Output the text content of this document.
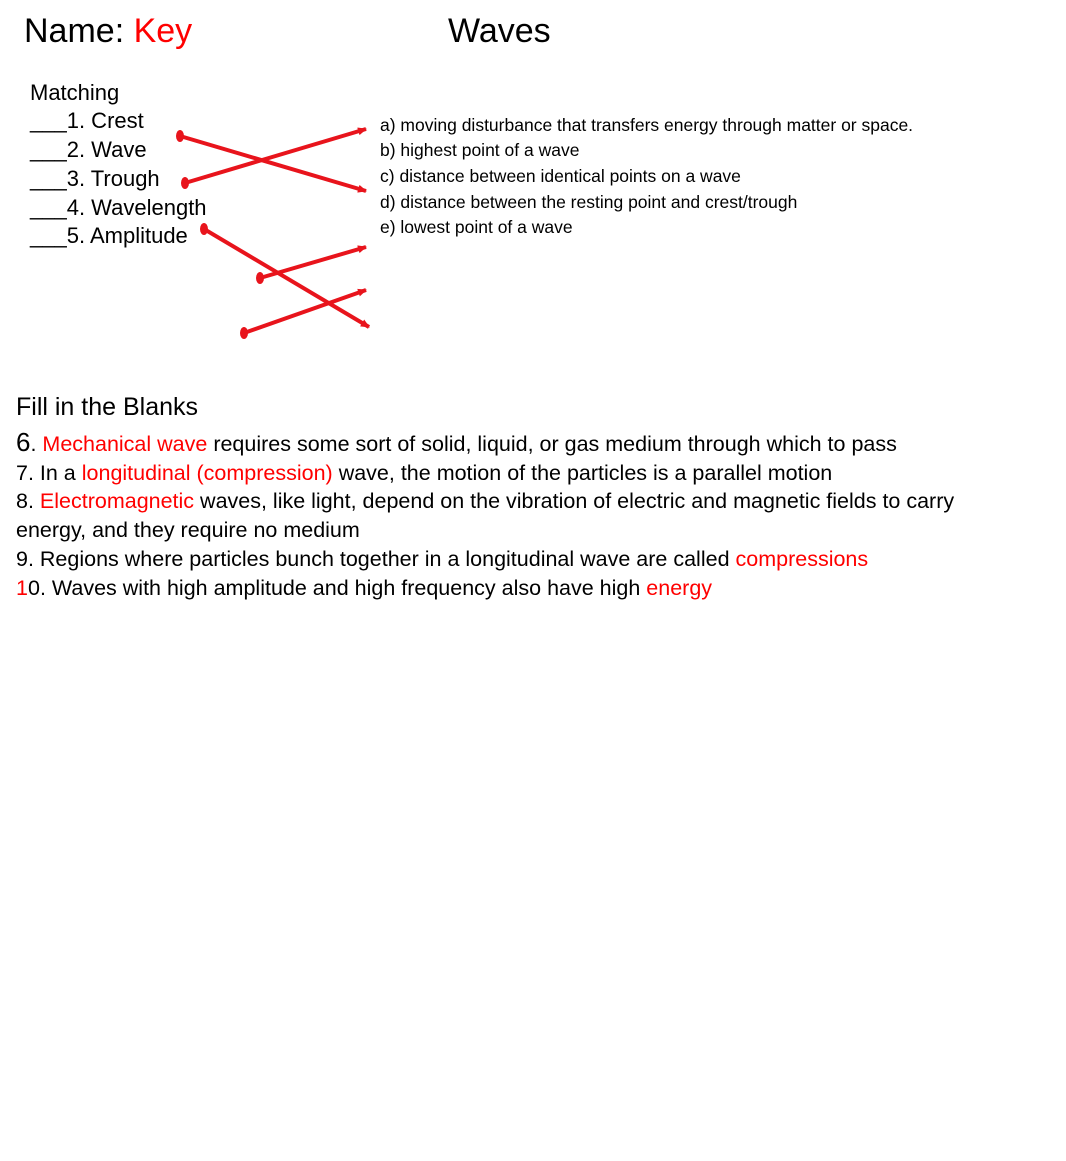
Name: Key	Waves
Matching
___1. Crest
___2. Wave
___3. Trough
___4. Wavelength
___5. Amplitude
a) moving disturbance that transfers energy through matter or space.
b) highest point of a wave
c) distance between identical points on a wave
d) distance between the resting point and crest/trough
e) lowest point of a wave
Fill in the Blanks
6. Mechanical wave requires some sort of solid, liquid, or gas medium through which to pass
7. In a longitudinal (compression) wave, the motion of the particles is a parallel motion
8. Electromagnetic waves, like light, depend on the vibration of electric and magnetic fields to carry energy, and they require no medium
9. Regions where particles bunch together in a longitudinal wave are called compressions
10. Waves with high amplitude and high frequency also have high energy
